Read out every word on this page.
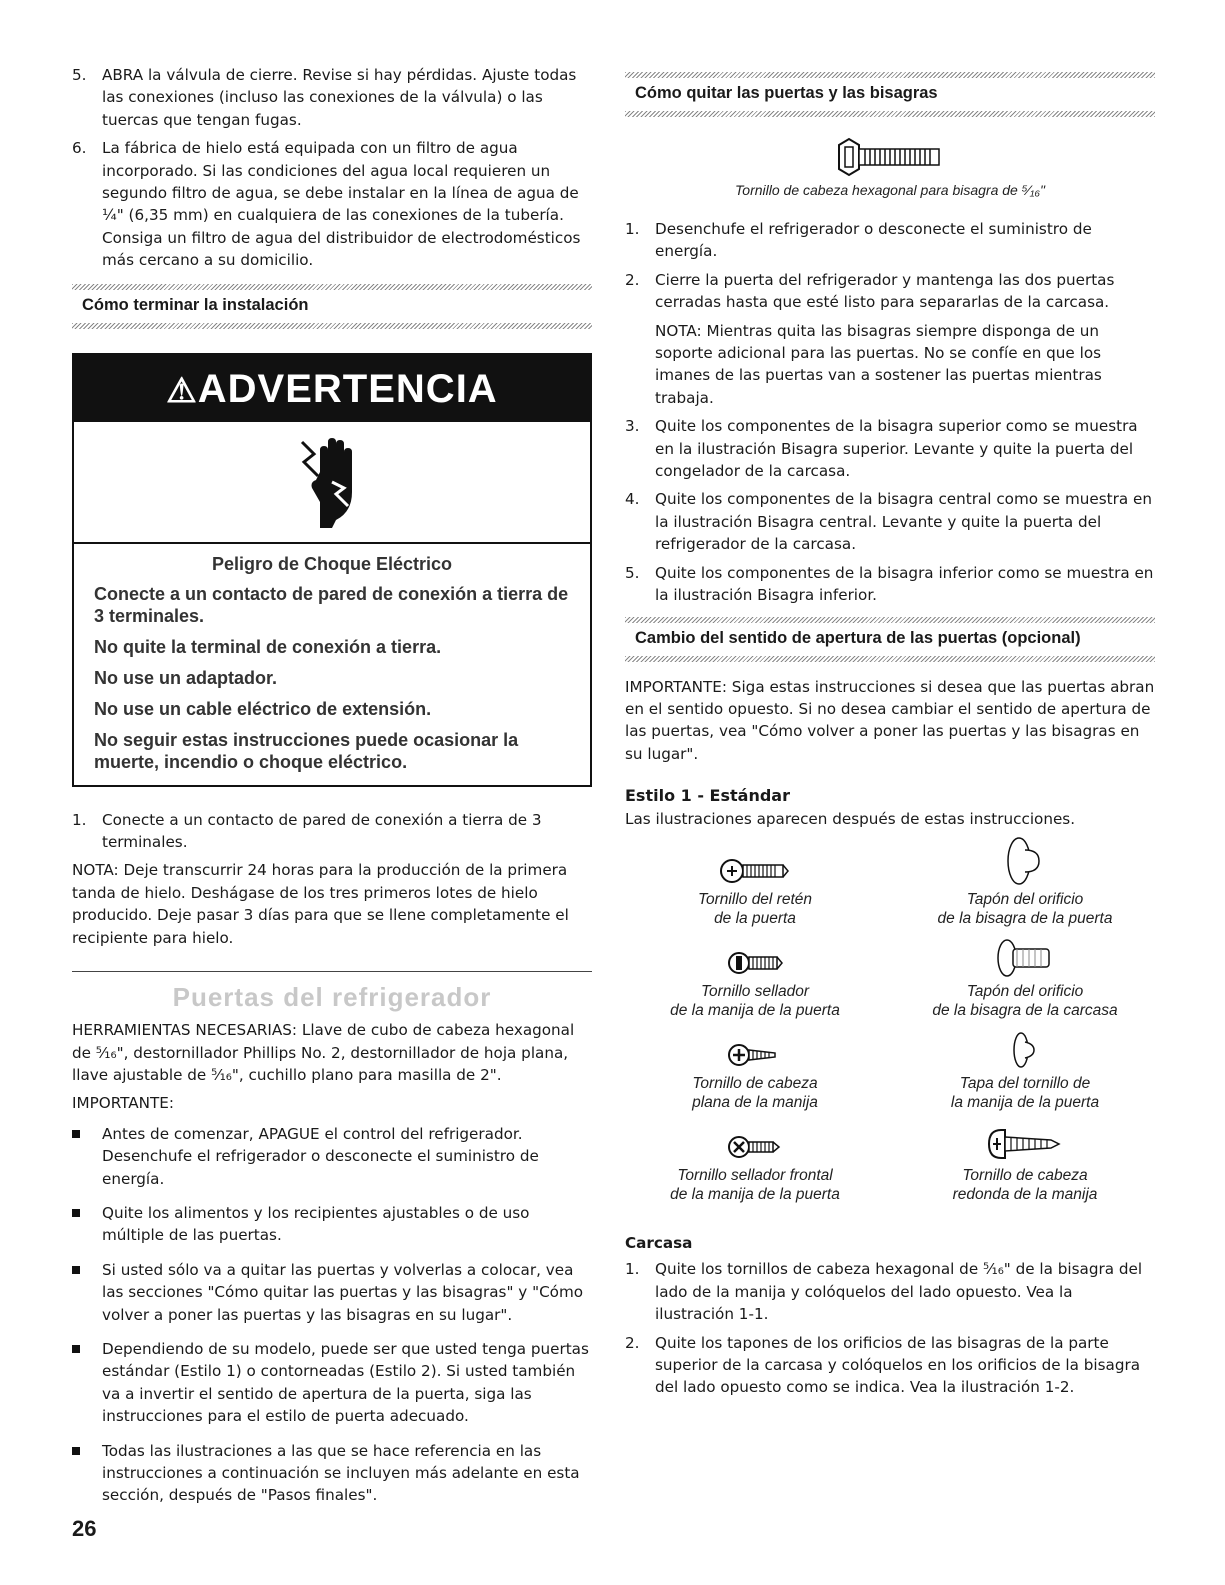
5. ABRA la válvula de cierre. Revise si hay pérdidas. Ajuste todas las conexiones (incluso las conexiones de la válvula) o las tuercas que tengan fugas.
6. La fábrica de hielo está equipada con un filtro de agua incorporado. Si las condiciones del agua local requieren un segundo filtro de agua, se debe instalar en la línea de agua de ¼" (6,35 mm) en cualquiera de las conexiones de la tubería. Consiga un filtro de agua del distribuidor de electrodomésticos más cercano a su domicilio.
Cómo terminar la instalación
⚠ADVERTENCIA
Peligro de Choque Eléctrico
Conecte a un contacto de pared de conexión a tierra de 3 terminales.
No quite la terminal de conexión a tierra.
No use un adaptador.
No use un cable eléctrico de extensión.
No seguir estas instrucciones puede ocasionar la muerte, incendio o choque eléctrico.
1. Conecte a un contacto de pared de conexión a tierra de 3 terminales.

NOTA: Deje transcurrir 24 horas para la producción de la primera tanda de hielo. Deshágase de los tres primeros lotes de hielo producido. Deje pasar 3 días para que se llene completamente el recipiente para hielo.

Puertas del refrigerador

HERRAMIENTAS NECESARIAS: Llave de cubo de cabeza hexagonal de ⁵⁄₁₆", destornillador Phillips No. 2, destornillador de hoja plana, llave ajustable de ⁵⁄₁₆", cuchillo plano para masilla de 2".

IMPORTANTE:

Antes de comenzar, APAGUE el control del refrigerador. Desenchufe el refrigerador o desconecte el suministro de energía.
Quite los alimentos y los recipientes ajustables o de uso múltiple de las puertas.
Si usted sólo va a quitar las puertas y volverlas a colocar, vea las secciones "Cómo quitar las puertas y las bisagras" y "Cómo volver a poner las puertas y las bisagras en su lugar".
Dependiendo de su modelo, puede ser que usted tenga puertas estándar (Estilo 1) o contorneadas (Estilo 2). Si usted también va a invertir el sentido de apertura de la puerta, siga las instrucciones para el estilo de puerta adecuado.
Todas las ilustraciones a las que se hace referencia en las instrucciones a continuación se incluyen más adelante en esta sección, después de "Pasos finales".
Cómo quitar las puertas y las bisagras
Tornillo de cabeza hexagonal para bisagra de ⁵⁄₁₆"
1. Desenchufe el refrigerador o desconecte el suministro de energía.
2. Cierre la puerta del refrigerador y mantenga las dos puertas cerradas hasta que esté listo para separarlas de la carcasa.

NOTA: Mientras quita las bisagras siempre disponga de un soporte adicional para las puertas. No se confíe en que los imanes de las puertas van a sostener las puertas mientras trabaja.

3. Quite los componentes de la bisagra superior como se muestra en la ilustración Bisagra superior. Levante y quite la puerta del congelador de la carcasa.
4. Quite los componentes de la bisagra central como se muestra en la ilustración Bisagra central. Levante y quite la puerta del refrigerador de la carcasa.
5. Quite los componentes de la bisagra inferior como se muestra en la ilustración Bisagra inferior.
Cambio del sentido de apertura de las puertas (opcional)

IMPORTANTE: Siga estas instrucciones si desea que las puertas abran en el sentido opuesto. Si no desea cambiar el sentido de apertura de las puertas, vea "Cómo volver a poner las puertas y las bisagras en su lugar".

Estilo 1 - Estándar

Las ilustraciones aparecen después de estas instrucciones.

Tornillo del retén
de la puerta
Tapón del orificio
de la bisagra de la puerta
Tornillo sellador
de la manija de la puerta
Tapón del orificio
de la bisagra de la carcasa
Tornillo de cabeza
plana de la manija
Tapa del tornillo de
la manija de la puerta
Tornillo sellador frontal
de la manija de la puerta
Tornillo de cabeza
redonda de la manija

Carcasa

1. Quite los tornillos de cabeza hexagonal de ⁵⁄₁₆" de la bisagra del lado de la manija y colóquelos del lado opuesto. Vea la ilustración 1-1.
2. Quite los tapones de los orificios de las bisagras de la parte superior de la carcasa y colóquelos en los orificios de la bisagra del lado opuesto como se indica. Vea la ilustración 1-2.
26
